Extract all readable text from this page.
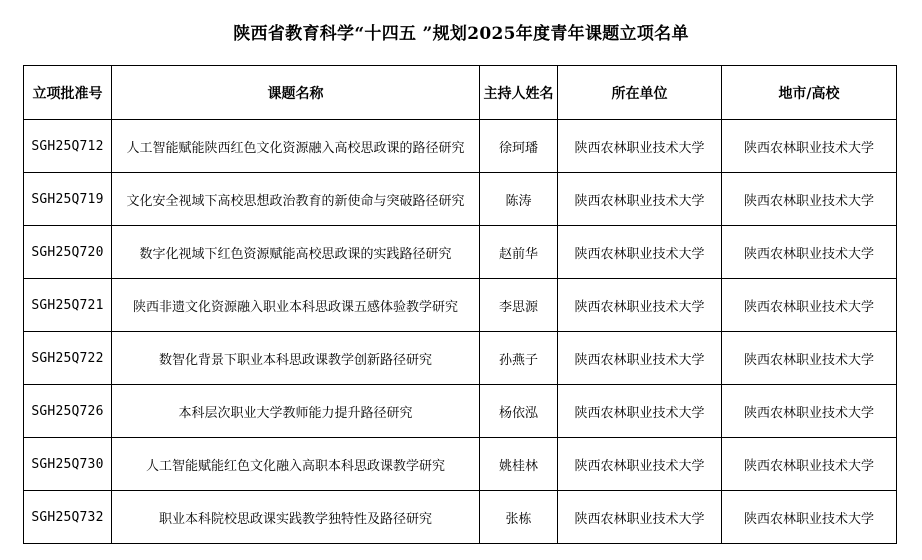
陕西省教育科学“十四五 ”规划2025年度青年课题立项名单
立项批准号	课题名称	主持人姓名	所在单位	地市/高校
SGH25Q712	人工智能赋能陕西红色文化资源融入高校思政课的路径研究	徐珂璠	陕西农林职业技术大学	陕西农林职业技术大学
SGH25Q719	文化安全视域下高校思想政治教育的新使命与突破路径研究	陈涛	陕西农林职业技术大学	陕西农林职业技术大学
SGH25Q720	数字化视域下红色资源赋能高校思政课的实践路径研究	赵前华	陕西农林职业技术大学	陕西农林职业技术大学
SGH25Q721	陕西非遗文化资源融入职业本科思政课五感体验教学研究	李思源	陕西农林职业技术大学	陕西农林职业技术大学
SGH25Q722	数智化背景下职业本科思政课教学创新路径研究	孙燕子	陕西农林职业技术大学	陕西农林职业技术大学
SGH25Q726	本科层次职业大学教师能力提升路径研究	杨依泓	陕西农林职业技术大学	陕西农林职业技术大学
SGH25Q730	人工智能赋能红色文化融入高职本科思政课教学研究	姚桂林	陕西农林职业技术大学	陕西农林职业技术大学
SGH25Q732	职业本科院校思政课实践教学独特性及路径研究	张栋	陕西农林职业技术大学	陕西农林职业技术大学
